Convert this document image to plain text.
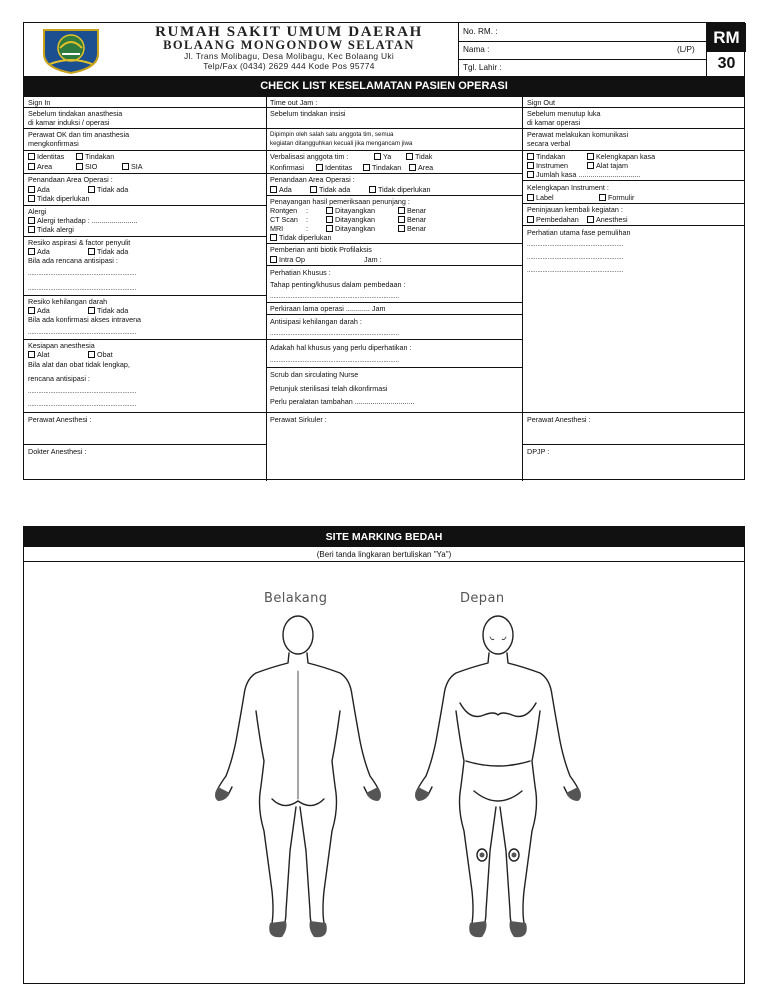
RUMAH SAKIT UMUM DAERAH
BOLAANG MONGONDOW SELATAN
Jl. Trans Molibagu, Desa Molibagu, Kec Bolaang Uki
Telp/Fax (0434) 2629 444 Kode Pos 95774
No. RM. :
Nama :	(L/P)
Tgl. Lahir :
RM
30
CHECK LIST KESELAMATAN PASIEN OPERASI
Sign In
Sebelum tindakan anasthesia
di kamar induksi / operasi
Perawat OK dan tim anasthesia
mengkonfirmasi
Identitas	Tindakan
Area	SIO	SIA
Penandaan Area Operasi :
Ada	Tidak ada
Tidak diperlukan
Alergi
Alergi terhadap : .......................
Tidak alergi
Resiko aspirasi & factor penyulit
Ada	Tidak ada
Bila ada rencana antisipasi :
...............................................................
...............................................................
Resiko kehilangan darah
Ada	Tidak ada
Bila ada konfirmasi akses intravena
...............................................................
Kesiapan anesthesia
Alat	Obat
Bila alat dan obat tidak lengkap,
rencana antisipasi :
...............................................................
...............................................................
Perawat Anesthesi :
Dokter Anesthesi :
Time out Jam :
Sebelum tindakan insisi
Dipimpin oleh salah satu anggota tim, semua
kegiatan ditangguhkan kecuali jika mengancam jiwa
Verbalisasi anggota tim :	Ya	Tidak
Konfirmasi	Identitas	Tindakan	Area
Penandaan Area Operasi :
Ada	Tidak ada	Tidak diperlukan
Penayangan hasil pemeriksaan penunjang :
Rontgen :	Ditayangkan	Benar
CT Scan :	Ditayangkan	Benar
MRI	:	Ditayangkan	Benar
Tidak diperlukan
Pemberian anti biotik Profilaksis
Intra Op	Jam :
Perhatian Khusus :
Tahap penting/khusus dalam pembedaan :
...........................................................................
Perkiraan lama operasi ............ Jam
Antisipasi kehilangan darah :
...........................................................................
Adakah hal khusus yang perlu diperhatikan :
...........................................................................
Scrub dan sirculating Nurse
Petunjuk sterilisasi telah dikonfirmasi
Perlu peralatan tambahan ..............................
Perawat Sirkuler :
Sign Out
Sebelum menutup luka
di kamar operasi
Perawat melakukan komunikasi
secara verbal
Tindakan	Kelengkapan kasa
Instrumen	Alat tajam
Jumlah kasa ...............................
Kelengkapan Instrument :
Label	Formulir
Peninjauan kembali kegiatan :
Pembedahan	Anesthesi
Perhatian utama fase pemulihan
........................................................
........................................................
........................................................
Perawat Anesthesi :
DPJP :
SITE MARKING BEDAH
(Beri tanda lingkaran bertuliskan "Ya")
Belakang	Depan
